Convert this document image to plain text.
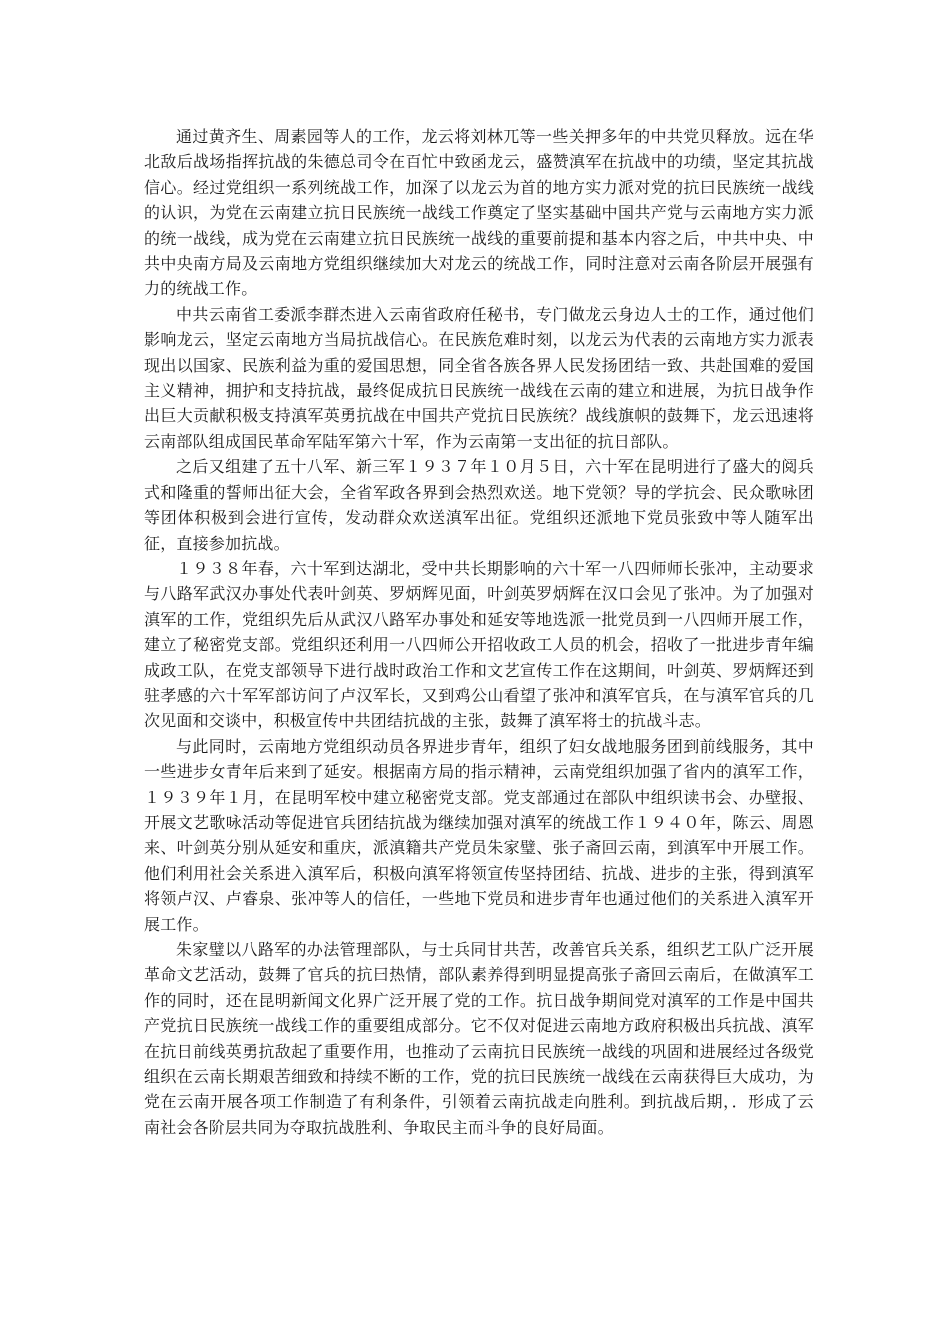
通过黄齐生、周素园等人的工作，龙云将刘林兀等一些关押多年的中共党贝释放。远在华北敌后战场指挥抗战的朱德总司令在百忙中致函龙云，盛赞滇军在抗战中的功绩，坚定其抗战信心。经过党组织一系列统战工作，加深了以龙云为首的地方实力派对党的抗曰民族统一战线的认识，为党在云南建立抗日民族统一战线工作奠定了坚实基础中国共产党与云南地方实力派的统一战线，成为党在云南建立抗日民族统一战线的重要前提和基本内容之后，中共中央、中共中央南方局及云南地方党组织继续加大对龙云的统战工作，同时注意对云南各阶层开展强有力的统战工作。

中共云南省工委派李群杰进入云南省政府任秘书，专门做龙云身边人士的工作，通过他们影响龙云，坚定云南地方当局抗战信心。在民族危难时刻，以龙云为代表的云南地方实力派表现出以国家、民族利益为重的爱国思想，同全省各族各界人民发扬团结一致、共赴国难的爱国主义精神，拥护和支持抗战，最终促成抗日民族统一战线在云南的建立和进展，为抗日战争作出巨大贡献积极支持滇军英勇抗战在中国共产党抗日民族统？战线旗帜的鼓舞下，龙云迅速将云南部队组成国民革命军陆军第六十军，作为云南第一支出征的抗日部队。

之后又组建了五十八军、新三军１９３７年１０月５日，六十军在昆明进行了盛大的阅兵式和隆重的誓师出征大会，全省军政各界到会热烈欢送。地下党领？导的学抗会、民众歌咏团等团体积极到会进行宣传，发动群众欢送滇军出征。党组织还派地下党员张致中等人随军出征，直接参加抗战。

１９３８年春，六十军到达湖北，受中共长期影响的六十军一八四师师长张冲，主动要求与八路军武汉办事处代表叶剑英、罗炳辉见面，叶剑英罗炳辉在汉口会见了张冲。为了加强对滇军的工作，党组织先后从武汉八路军办事处和延安等地选派一批党员到一八四师开展工作，建立了秘密党支部。党组织还利用一八四师公开招收政工人员的机会，招收了一批进步青年编成政工队，在党支部领导下进行战时政治工作和文艺宣传工作在这期间，叶剑英、罗炳辉还到驻孝感的六十军军部访问了卢汉军长，又到鸡公山看望了张冲和滇军官兵，在与滇军官兵的几次见面和交谈中，积极宣传中共团结抗战的主张，鼓舞了滇军将士的抗战斗志。

与此同时，云南地方党组织动员各界进步青年，组织了妇女战地服务团到前线服务，其中一些进步女青年后来到了延安。根据南方局的指示精神，云南党组织加强了省内的滇军工作，１９３９年１月，在昆明军校中建立秘密党支部。党支部通过在部队中组织读书会、办壁报、开展文艺歌咏活动等促进官兵团结抗战为继续加强对滇军的统战工作１９４０年，陈云、周恩来、叶剑英分别从延安和重庆，派滇籍共产党员朱家璧、张子斋回云南，到滇军中开展工作。他们利用社会关系进入滇军后，积极向滇军将领宣传坚持团结、抗战、进步的主张，得到滇军将领卢汉、卢睿泉、张冲等人的信任，一些地下党员和进步青年也通过他们的关系进入滇军开展工作。

朱家璧以八路军的办法管理部队，与士兵同甘共苦，改善官兵关系，组织艺工队广泛开展革命文艺活动，鼓舞了官兵的抗曰热情，部队素养得到明显提高张子斋回云南后，在做滇军工作的同时，还在昆明新闻文化界广泛开展了党的工作。抗日战争期间党对滇军的工作是中国共产党抗日民族统一战线工作的重要组成部分。它不仅对促进云南地方政府积极出兵抗战、滇军在抗日前线英勇抗敌起了重要作用，也推动了云南抗日民族统一战线的巩固和进展经过各级党组织在云南长期艰苦细致和持续不断的工作，党的抗曰民族统一战线在云南获得巨大成功，为党在云南开展各项工作制造了有利条件，引领着云南抗战走向胜利。到抗战后期，．形成了云南社会各阶层共同为夺取抗战胜利、争取民主而斗争的良好局面。
